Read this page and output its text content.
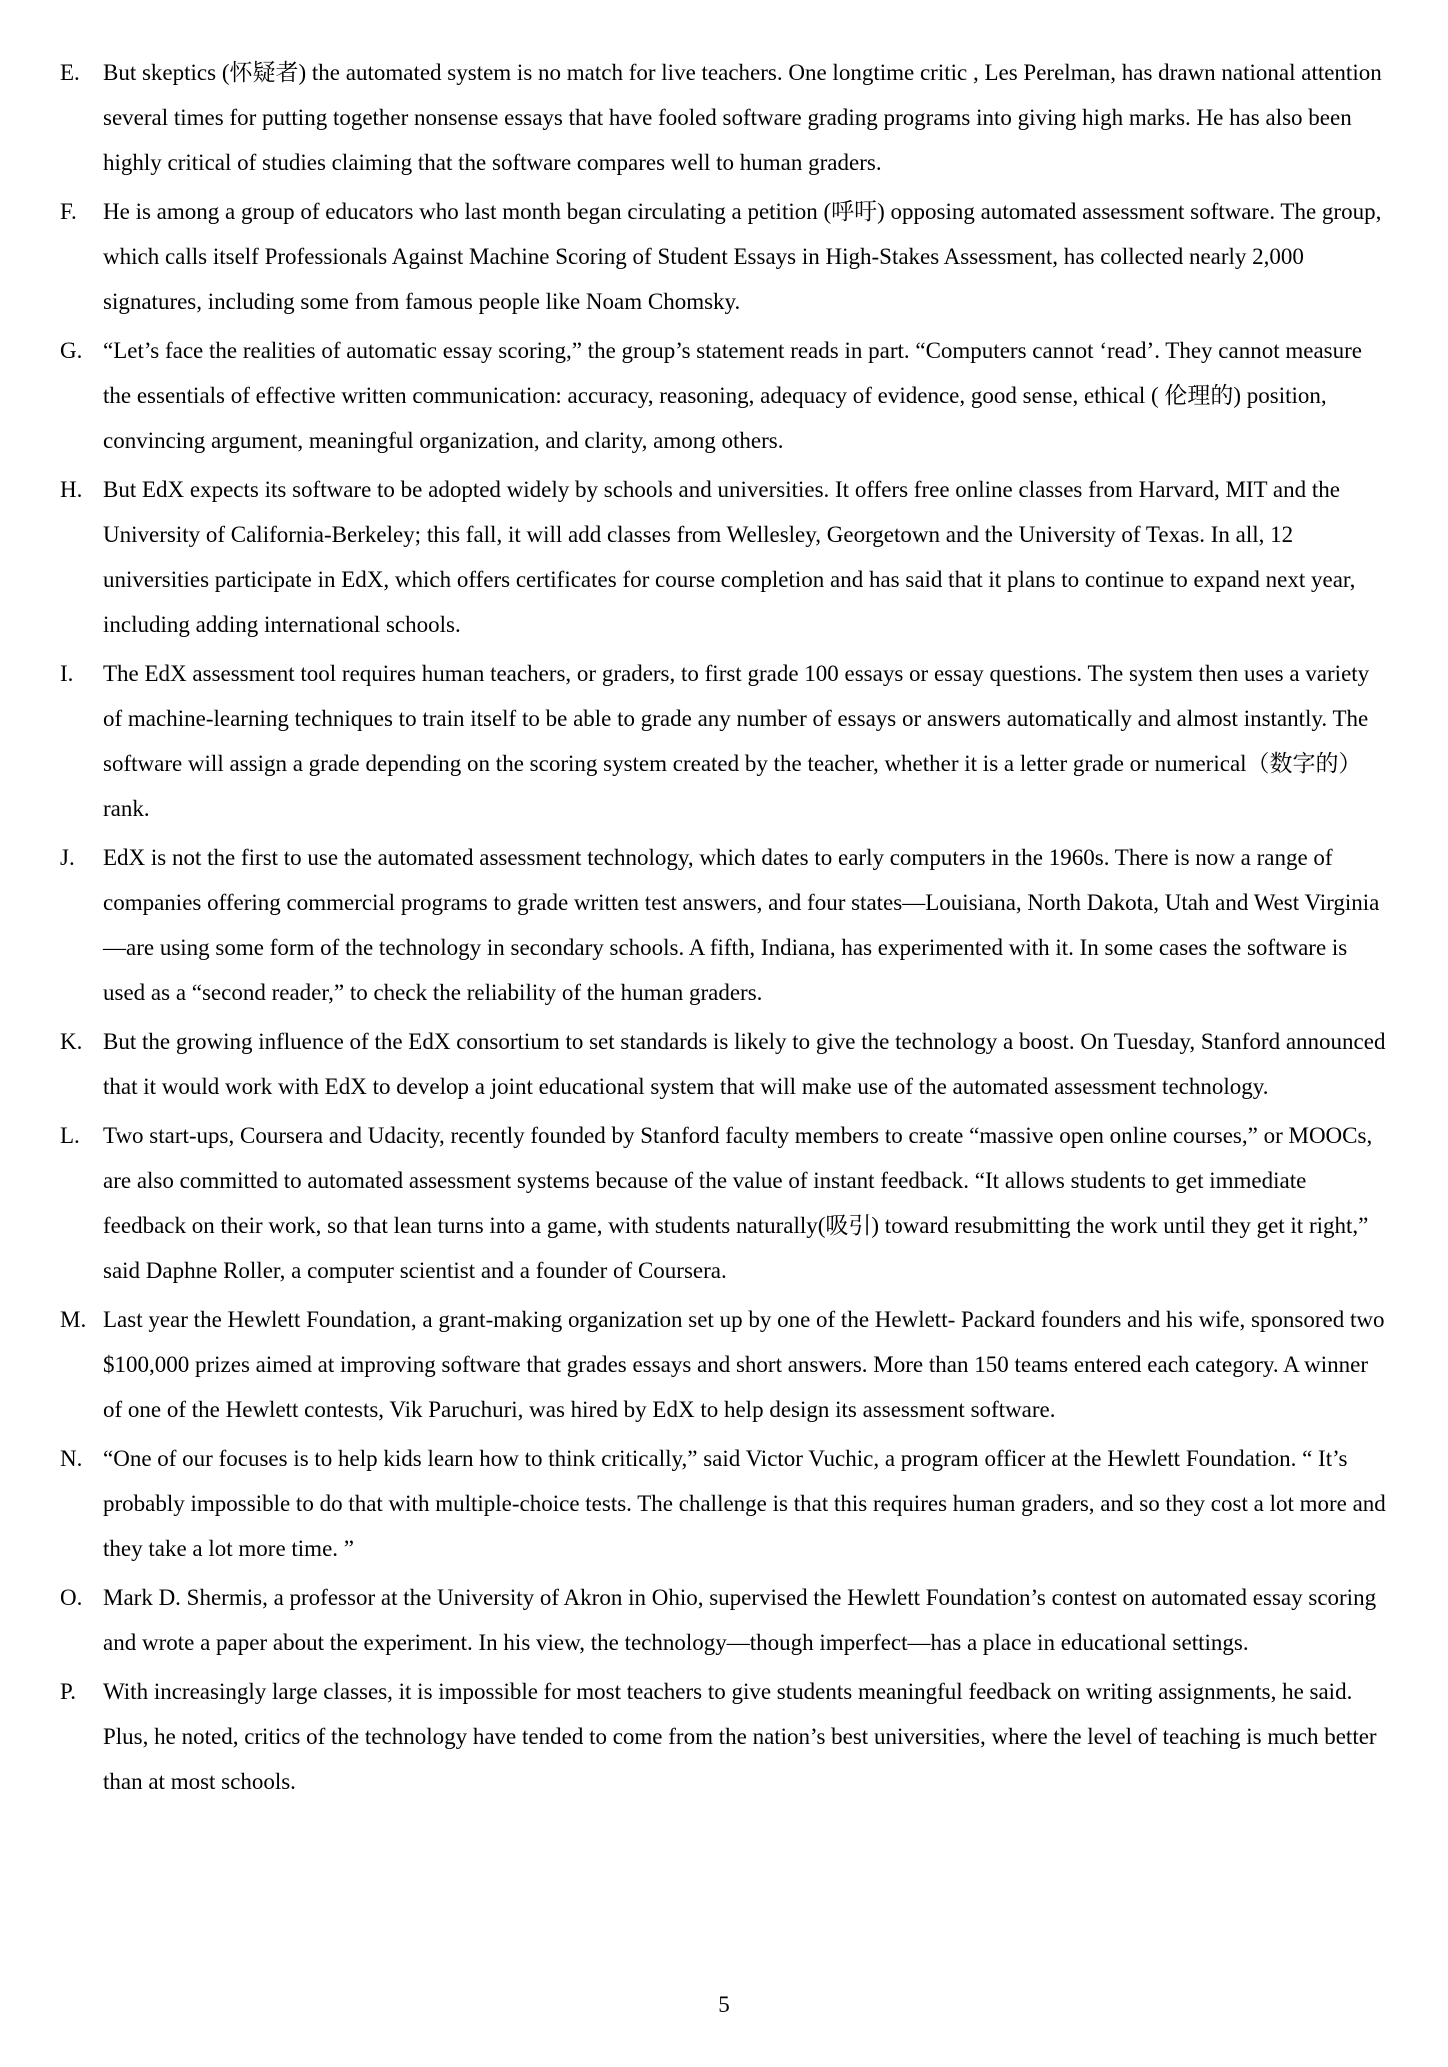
E. But skeptics (怀疑者) the automated system is no match for live teachers. One longtime critic , Les Perelman, has drawn national attention several times for putting together nonsense essays that have fooled software grading programs into giving high marks. He has also been highly critical of studies claiming that the software compares well to human graders.
F. He is among a group of educators who last month began circulating a petition (呼吁) opposing automated assessment software. The group, which calls itself Professionals Against Machine Scoring of Student Essays in High-Stakes Assessment, has collected nearly 2,000 signatures, including some from famous people like Noam Chomsky.
G. “Let’s face the realities of automatic essay scoring,” the group’s statement reads in part. “Computers cannot ‘read’. They cannot measure the essentials of effective written communication: accuracy, reasoning, adequacy of evidence, good sense, ethical ( 伦理的) position, convincing argument, meaningful organization, and clarity, among others.
H. But EdX expects its software to be adopted widely by schools and universities. It offers free online classes from Harvard, MIT and the University of California-Berkeley; this fall, it will add classes from Wellesley, Georgetown and the University of Texas. In all, 12 universities participate in EdX, which offers certificates for course completion and has said that it plans to continue to expand next year, including adding international schools.
I. The EdX assessment tool requires human teachers, or graders, to first grade 100 essays or essay questions. The system then uses a variety of machine-learning techniques to train itself to be able to grade any number of essays or answers automatically and almost instantly. The software will assign a grade depending on the scoring system created by the teacher, whether it is a letter grade or numerical（数字的）rank.
J. EdX is not the first to use the automated assessment technology, which dates to early computers in the 1960s. There is now a range of companies offering commercial programs to grade written test answers, and four states—Louisiana, North Dakota, Utah and West Virginia—are using some form of the technology in secondary schools. A fifth, Indiana, has experimented with it. In some cases the software is used as a “second reader,” to check the reliability of the human graders.
K. But the growing influence of the EdX consortium to set standards is likely to give the technology a boost. On Tuesday, Stanford announced that it would work with EdX to develop a joint educational system that will make use of the automated assessment technology.
L. Two start-ups, Coursera and Udacity, recently founded by Stanford faculty members to create “massive open online courses,” or MOOCs, are also committed to automated assessment systems because of the value of instant feedback. “It allows students to get immediate feedback on their work, so that lean turns into a game, with students naturally(吸引) toward resubmitting the work until they get it right,” said Daphne Roller, a computer scientist and a founder of Coursera.
M. Last year the Hewlett Foundation, a grant-making organization set up by one of the Hewlett- Packard founders and his wife, sponsored two $100,000 prizes aimed at improving software that grades essays and short answers. More than 150 teams entered each category. A winner of one of the Hewlett contests, Vik Paruchuri, was hired by EdX to help design its assessment software.
N. “One of our focuses is to help kids learn how to think critically,” said Victor Vuchic, a program officer at the Hewlett Foundation. “ It’s probably impossible to do that with multiple-choice tests. The challenge is that this requires human graders, and so they cost a lot more and they take a lot more time. ”
O. Mark D. Shermis, a professor at the University of Akron in Ohio, supervised the Hewlett Foundation’s contest on automated essay scoring and wrote a paper about the experiment. In his view, the technology—though imperfect—has a place in educational settings.
P. With increasingly large classes, it is impossible for most teachers to give students meaningful feedback on writing assignments, he said. Plus, he noted, critics of the technology have tended to come from the nation’s best universities, where the level of teaching is much better than at most schools.
5
